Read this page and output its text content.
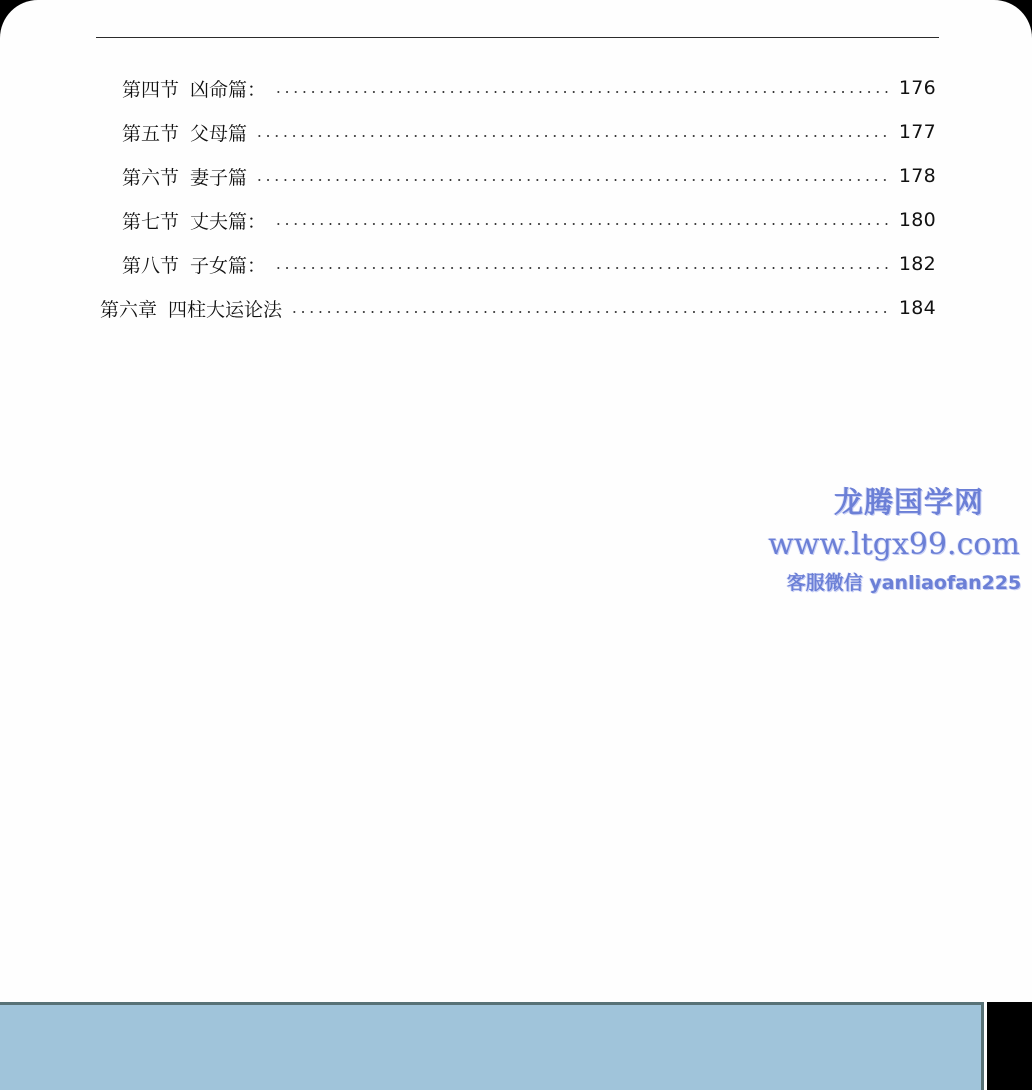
第四节 凶命篇：	176
第五节 父母篇	177
第六节 妻子篇	178
第七节 丈夫篇：	180
第八节 子女篇：	182
第六章 四柱大运论法	184
龙腾国学网
www.ltgx99.com
客服微信 yanliaofan225
